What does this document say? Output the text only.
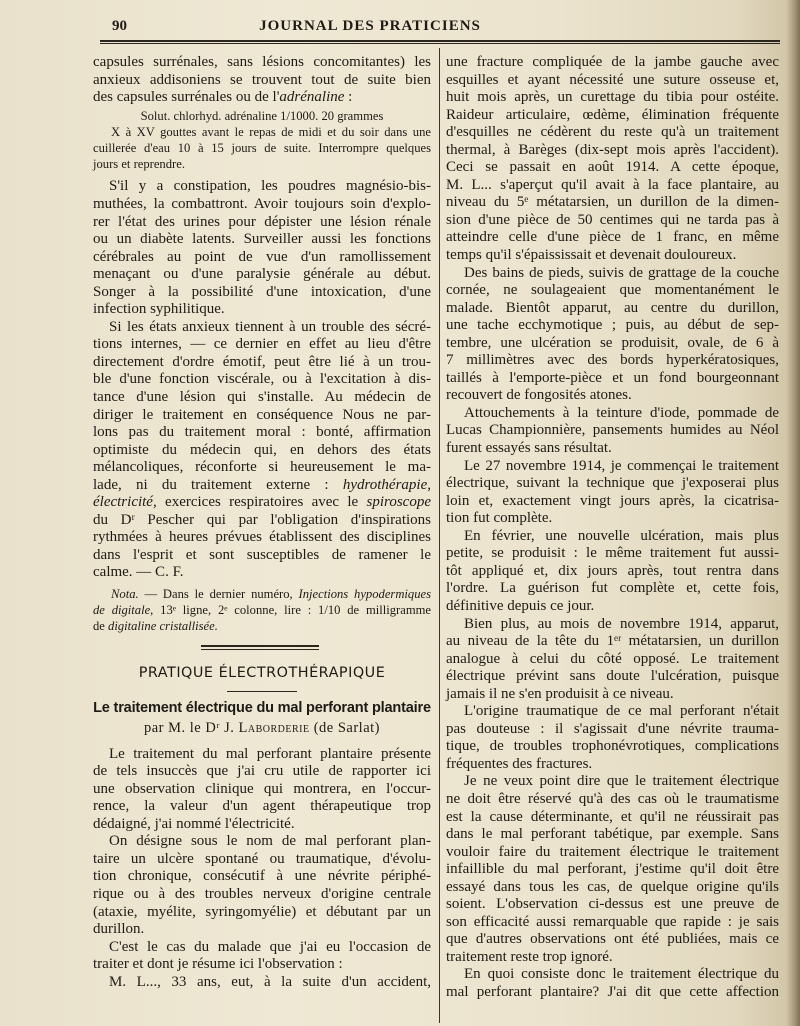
90	JOURNAL DES PRATICIENS
capsules surrénales, sans lésions concomitantes) les
anxieux addisoniens se trouvent tout de suite bien
des capsules surrénales ou de l'adrénaline :
Solut. chlorhyd. adrénaline 1/1000. 20 grammes
X à XV gouttes avant le repas de midi et du soir dans une
cuillerée d'eau 10 à 15 jours de suite. Interrompre quelques
jours et reprendre.
S'il y a constipation, les poudres magnésio-bis-
muthées, la combattront. Avoir toujours soin d'explo-
rer l'état des urines pour dépister une lésion rénale
ou un diabète latents. Surveiller aussi les fonctions
cérébrales au point de vue d'un ramollissement
menaçant ou d'une paralysie générale au début.
Songer à la possibilité d'une intoxication, d'une
infection syphilitique.
Si les états anxieux tiennent à un trouble des sécré-
tions internes, — ce dernier en effet au lieu d'être
directement d'ordre émotif, peut être lié à un trou-
ble d'une fonction viscérale, ou à l'excitation à dis-
tance d'une lésion qui s'installe. Au médecin de
diriger le traitement en conséquence Nous ne par-
lons pas du traitement moral : bonté, affirmation
optimiste du médecin qui, en dehors des états
mélancoliques, réconforte si heureusement le ma-
lade, ni du traitement externe : hydrothérapie,
électricité, exercices respiratoires avec le spiroscope
du Dʳ Pescher qui par l'obligation d'inspirations
rythmées à heures prévues établissent des disciplines
dans l'esprit et sont susceptibles de ramener le
calme. — C. F.
Nota. — Dans le dernier numéro, Injections hypodermiques
de digitale, 13ᵉ ligne, 2ᵉ colonne, lire : 1/10 de milligramme
de digitaline cristallisée.
PRATIQUE ÉLECTROTHÉRAPIQUE
Le traitement électrique du mal perforant plantaire
par M. le Dʳ J. Laborderie (de Sarlat)
Le traitement du mal perforant plantaire présente
de tels insuccès que j'ai cru utile de rapporter ici
une observation clinique qui montrera, en l'occur-
rence, la valeur d'un agent thérapeutique trop
dédaigné, j'ai nommé l'électricité.
On désigne sous le nom de mal perforant plan-
taire un ulcère spontané ou traumatique, d'évolu-
tion chronique, consécutif à une névrite périphé-
rique ou à des troubles nerveux d'origine centrale
(ataxie, myélite, syringomyélie) et débutant par un
durillon.
C'est le cas du malade que j'ai eu l'occasion de
traiter et dont je résume ici l'observation :
M. L..., 33 ans, eut, à la suite d'un accident,
une fracture compliquée de la jambe gauche avec
esquilles et ayant nécessité une suture osseuse et,
huit mois après, un curettage du tibia pour ostéite.
Raideur articulaire, œdème, élimination fréquente
d'esquilles ne cédèrent du reste qu'à un traitement
thermal, à Barèges (dix-sept mois après l'accident).
Ceci se passait en août 1914. A cette époque,
M. L... s'aperçut qu'il avait à la face plantaire, au
niveau du 5ᵉ métatarsien, un durillon de la dimen-
sion d'une pièce de 50 centimes qui ne tarda pas à
atteindre celle d'une pièce de 1 franc, en même
temps qu'il s'épaississait et devenait douloureux.
Des bains de pieds, suivis de grattage de la couche
cornée, ne soulageaient que momentanément le
malade. Bientôt apparut, au centre du durillon,
une tache ecchymotique ; puis, au début de sep-
tembre, une ulcération se produisit, ovale, de 6 à
7 millimètres avec des bords hyperkératosiques,
taillés à l'emporte-pièce et un fond bourgeonnant
recouvert de fongosités atones.
Attouchements à la teinture d'iode, pommade de
Lucas Championnière, pansements humides au Néol
furent essayés sans résultat.
Le 27 novembre 1914, je commençai le traitement
électrique, suivant la technique que j'exposerai plus
loin et, exactement vingt jours après, la cicatrisa-
tion fut complète.
En février, une nouvelle ulcération, mais plus
petite, se produisit : le même traitement fut aussi-
tôt appliqué et, dix jours après, tout rentra dans
l'ordre. La guérison fut complète et, cette fois,
définitive depuis ce jour.
Bien plus, au mois de novembre 1914, apparut,
au niveau de la tête du 1ᵉʳ métatarsien, un durillon
analogue à celui du côté opposé. Le traitement
électrique prévint sans doute l'ulcération, puisque
jamais il ne s'en produisit à ce niveau.
L'origine traumatique de ce mal perforant n'était
pas douteuse : il s'agissait d'une névrite trauma-
tique, de troubles trophonévrotiques, complications
fréquentes des fractures.
Je ne veux point dire que le traitement électrique
ne doit être réservé qu'à des cas où le traumatisme
est la cause déterminante, et qu'il ne réussirait pas
dans le mal perforant tabétique, par exemple. Sans
vouloir faire du traitement électrique le traitement
infaillible du mal perforant, j'estime qu'il doit être
essayé dans tous les cas, de quelque origine qu'ils
soient. L'observation ci-dessus est une preuve de
son efficacité aussi remarquable que rapide : je sais
que d'autres observations ont été publiées, mais ce
traitement reste trop ignoré.
En quoi consiste donc le traitement électrique du
mal perforant plantaire? J'ai dit que cette affection
